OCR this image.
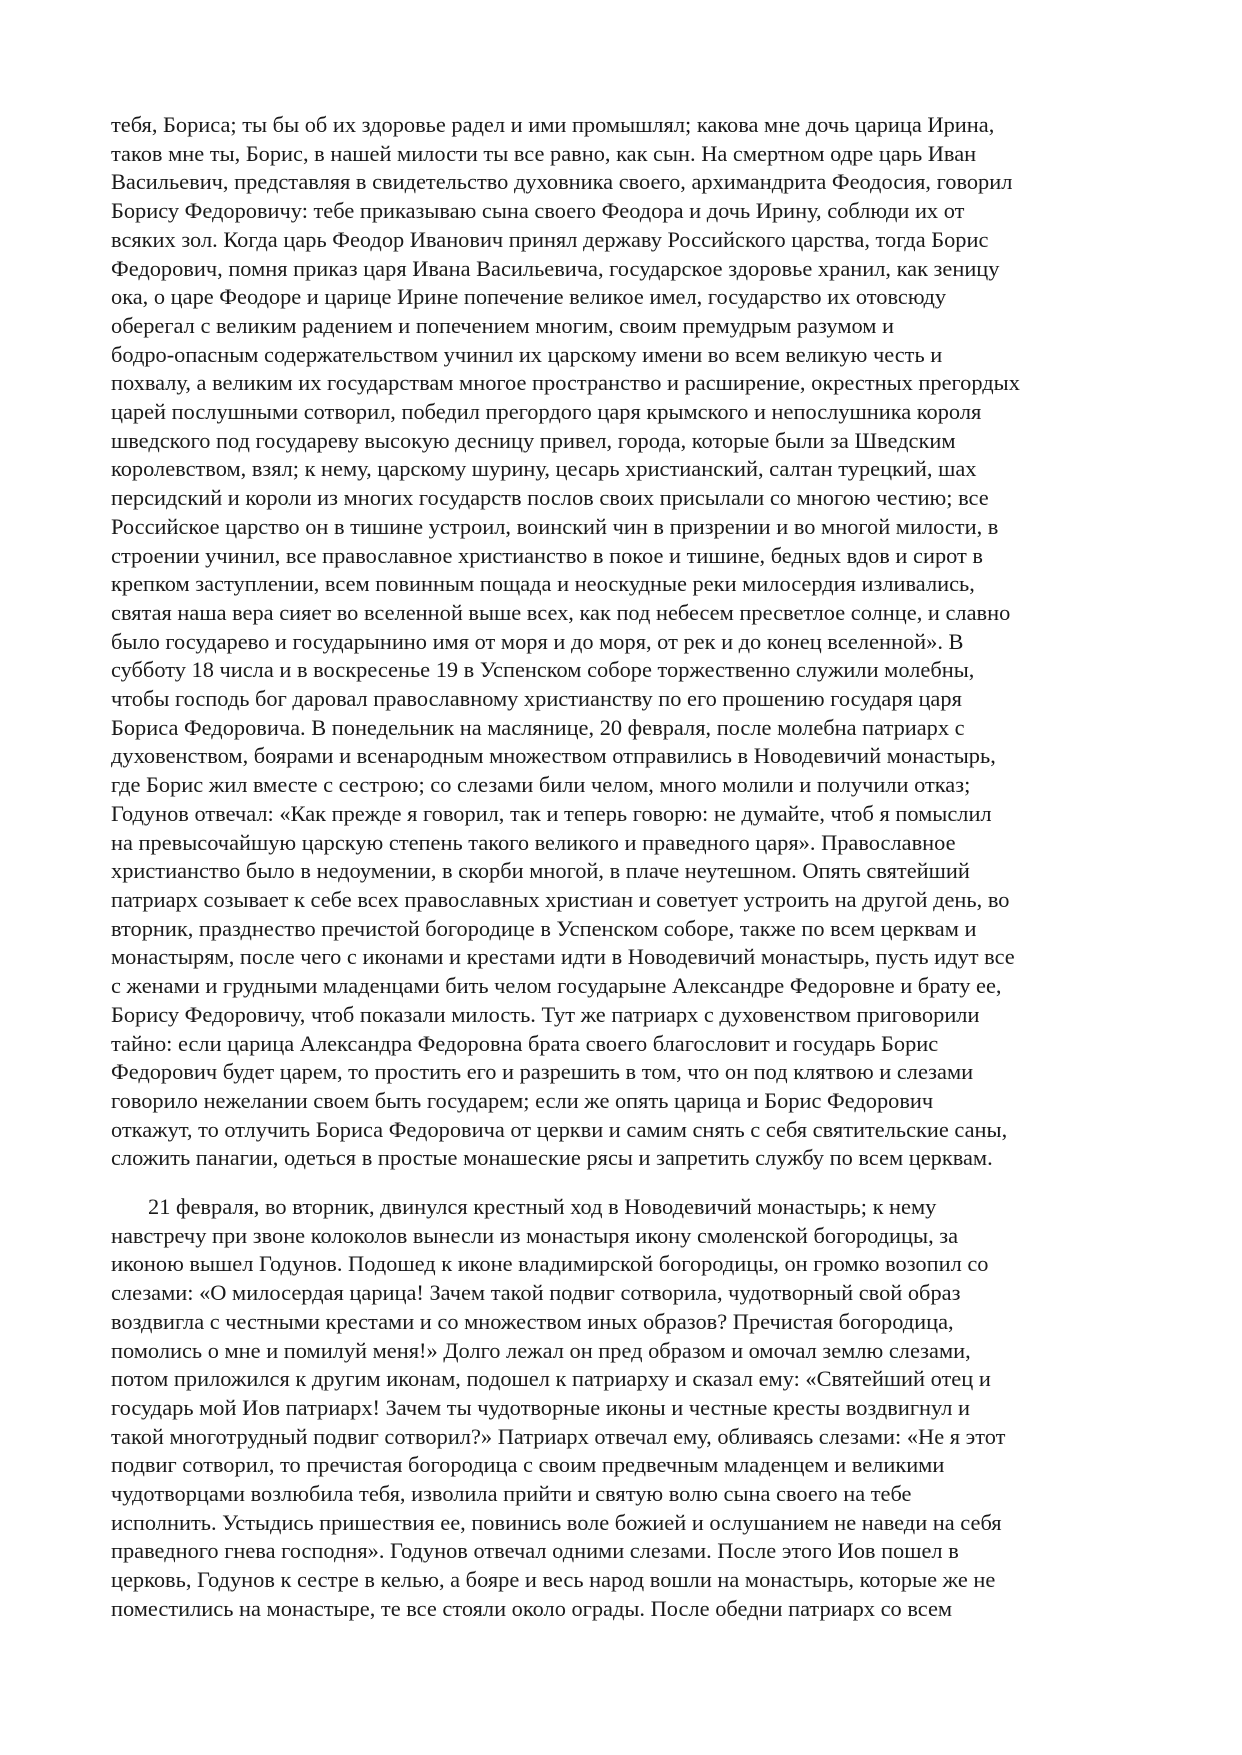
тебя, Бориса; ты бы об их здоровье радел и ими промышлял; какова мне дочь царица Ирина,
таков мне ты, Борис, в нашей милости ты все равно, как сын. На смертном одре царь Иван
Васильевич, представляя в свидетельство духовника своего, архимандрита Феодосия, говорил
Борису Федоровичу: тебе приказываю сына своего Феодора и дочь Ирину, соблюди их от
всяких зол. Когда царь Феодор Иванович принял державу Российского царства, тогда Борис
Федорович, помня приказ царя Ивана Васильевича, государское здоровье хранил, как зеницу
ока, о царе Феодоре и царице Ирине попечение великое имел, государство их отовсюду
оберегал с великим радением и попечением многим, своим премудрым разумом и
бодро-опасным содержательством учинил их царскому имени во всем великую честь и
похвалу, а великим их государствам многое пространство и расширение, окрестных прегордых
царей послушными сотворил, победил прегордого царя крымского и непослушника короля
шведского под государеву высокую десницу привел, города, которые были за Шведским
королевством, взял; к нему, царскому шурину, цесарь христианский, салтан турецкий, шах
персидский и короли из многих государств послов своих присылали со многою честию; все
Российское царство он в тишине устроил, воинский чин в призрении и во многой милости, в
строении учинил, все православное христианство в покое и тишине, бедных вдов и сирот в
крепком заступлении, всем повинным пощада и неоскудные реки милосердия изливались,
святая наша вера сияет во вселенной выше всех, как под небесем пресветлое солнце, и славно
было государево и государынино имя от моря и до моря, от рек и до конец вселенной». В
субботу 18 числа и в воскресенье 19 в Успенском соборе торжественно служили молебны,
чтобы господь бог даровал православному христианству по его прошению государя царя
Бориса Федоровича. В понедельник на маслянице, 20 февраля, после молебна патриарх с
духовенством, боярами и всенародным множеством отправились в Новодевичий монастырь,
где Борис жил вместе с сестрою; со слезами били челом, много молили и получили отказ;
Годунов отвечал: «Как прежде я говорил, так и теперь говорю: не думайте, чтоб я помыслил
на превысочайшую царскую степень такого великого и праведного царя». Православное
христианство было в недоумении, в скорби многой, в плаче неутешном. Опять святейший
патриарх созывает к себе всех православных христиан и советует устроить на другой день, во
вторник, празднество пречистой богородице в Успенском соборе, также по всем церквам и
монастырям, после чего с иконами и крестами идти в Новодевичий монастырь, пусть идут все
с женами и грудными младенцами бить челом государыне Александре Федоровне и брату ее,
Борису Федоровичу, чтоб показали милость. Тут же патриарх с духовенством приговорили
тайно: если царица Александра Федоровна брата своего благословит и государь Борис
Федорович будет царем, то простить его и разрешить в том, что он под клятвою и слезами
говорило нежелании своем быть государем; если же опять царица и Борис Федорович
откажут, то отлучить Бориса Федоровича от церкви и самим снять с себя святительские саны,
сложить панагии, одеться в простые монашеские рясы и запретить службу по всем церквам.
21 февраля, во вторник, двинулся крестный ход в Новодевичий монастырь; к нему
навстречу при звоне колоколов вынесли из монастыря икону смоленской богородицы, за
иконою вышел Годунов. Подошед к иконе владимирской богородицы, он громко возопил со
слезами: «О милосердая царица! Зачем такой подвиг сотворила, чудотворный свой образ
воздвигла с честными крестами и со множеством иных образов? Пречистая богородица,
помолись о мне и помилуй меня!» Долго лежал он пред образом и омочал землю слезами,
потом приложился к другим иконам, подошел к патриарху и сказал ему: «Святейший отец и
государь мой Иов патриарх! Зачем ты чудотворные иконы и честные кресты воздвигнул и
такой многотрудный подвиг сотворил?» Патриарх отвечал ему, обливаясь слезами: «Не я этот
подвиг сотворил, то пречистая богородица с своим предвечным младенцем и великими
чудотворцами возлюбила тебя, изволила прийти и святую волю сына своего на тебе
исполнить. Устыдись пришествия ее, повинись воле божией и ослушанием не наведи на себя
праведного гнева господня». Годунов отвечал одними слезами. После этого Иов пошел в
церковь, Годунов к сестре в келью, а бояре и весь народ вошли на монастырь, которые же не
поместились на монастыре, те все стояли около ограды. После обедни патриарх со всем
